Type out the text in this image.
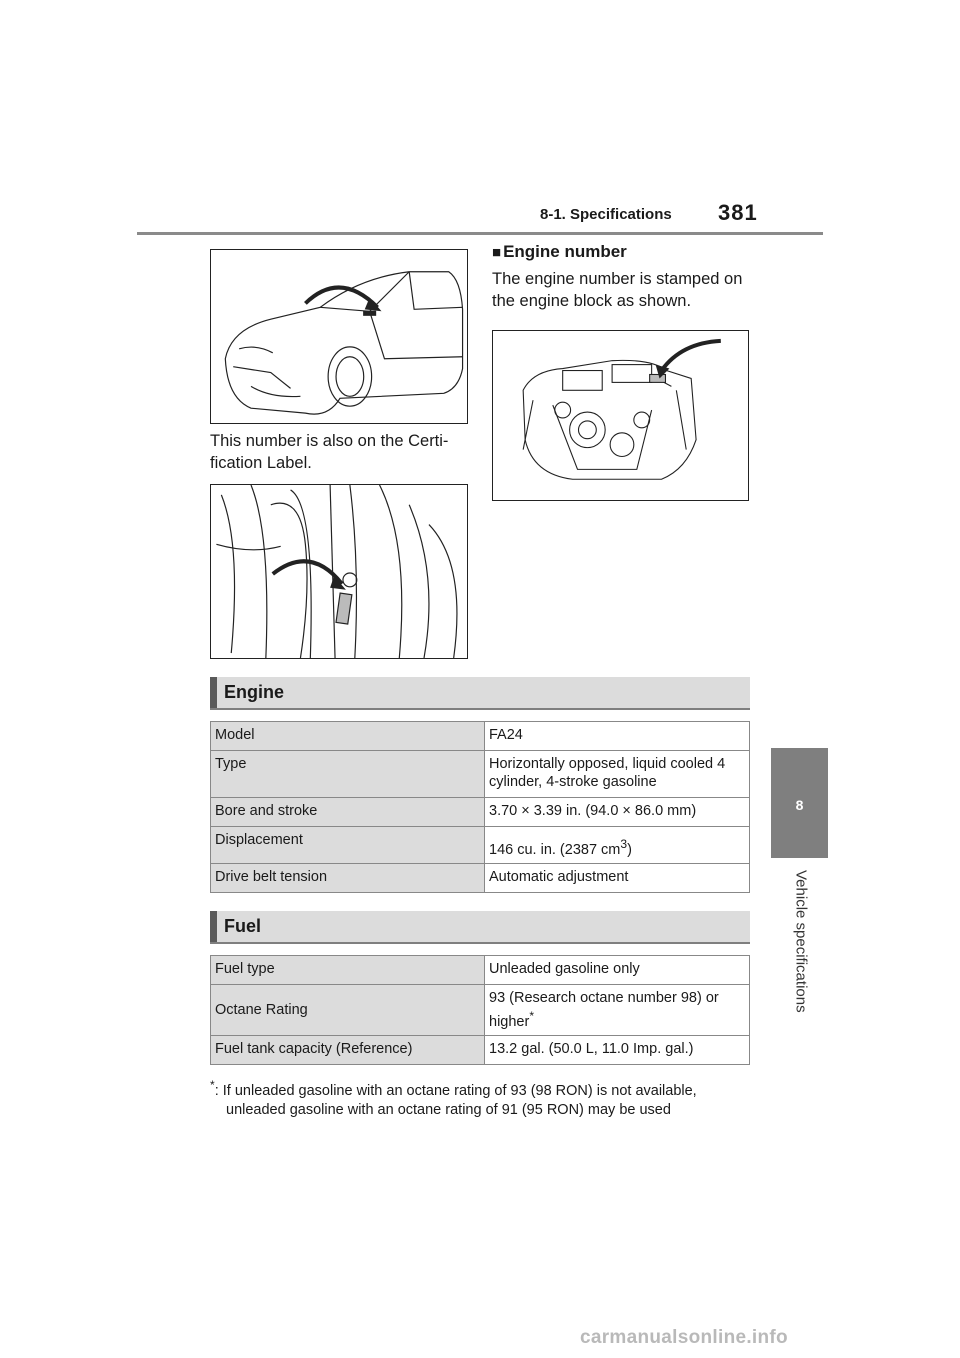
8-1. Specifications 381
8
Vehicle specifications
This number is also on the Certi-fication Label.
■ Engine number
The engine number is stamped on the engine block as shown.
Engine
Model	FA24
Type	Horizontally opposed, liquid cooled 4 cylinder, 4-stroke gasoline
Bore and stroke	3.70 × 3.39 in. (94.0 × 86.0 mm)
Displacement	146 cu. in. (2387 $cm^3$)
Drive belt tension	Automatic adjustment
Fuel
Fuel type	Unleaded gasoline only
Octane Rating	93 (Research octane number 98) or higher*
Fuel tank capacity (Reference)	13.2 gal. (50.0 L, 11.0 Imp. gal.)
*: If unleaded gasoline with an octane rating of 93 (98 RON) is not available,
unleaded gasoline with an octane rating of 91 (95 RON) may be used
carmanualsonline.info
